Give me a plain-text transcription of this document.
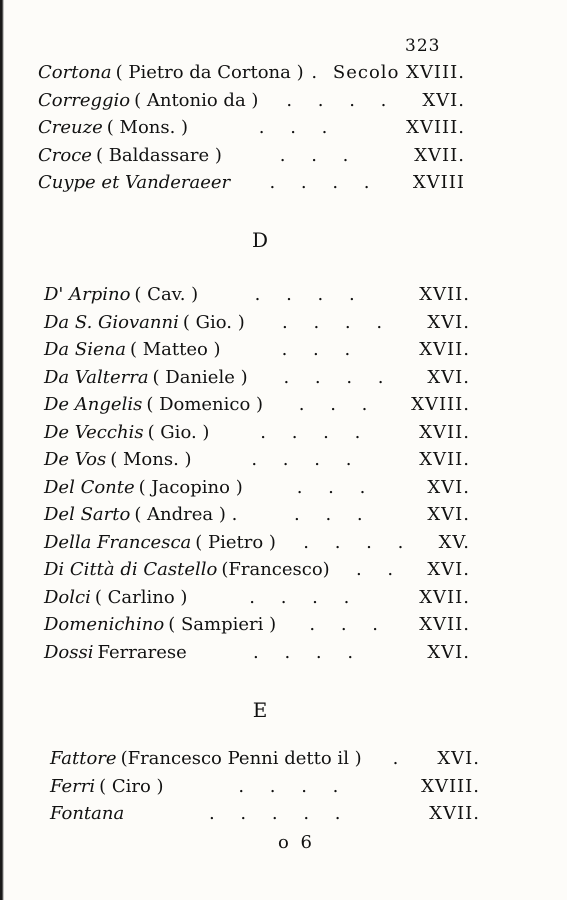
323
Cortona ( Pietro da Cortona ) . Secolo XVIII.
Correggio ( Antonio da )	. . . .	XVI.
Creuze ( Mons. )	. . .	XVIII.
Croce ( Baldassare )	. . .	XVII.
Cuype et Vanderaeer	. . . .	XVIII
D
D' Arpino ( Cav. )	. . . .	XVII.
Da S. Giovanni ( Gio. )	. . . .	XVI.
Da Siena ( Matteo )	. . .	XVII.
Da Valterra ( Daniele )	. . . .	XVI.
De Angelis ( Domenico )	. . .	XVIII.
De Vecchis ( Gio. )	. . . .	XVII.
De Vos ( Mons. )	. . . .	XVII.
Del Conte ( Jacopino )	. . .	XVI.
Del Sarto ( Andrea ) .	. . .	XVI.
Della Francesca ( Pietro )	. . . .	XV.
Di Città di Castello (Francesco)	. .	XVI.
Dolci ( Carlino )	. . . .	XVII.
Domenichino ( Sampieri )	. . .	XVII.
Dossi Ferrarese	. . . .	XVI.
E
Fattore (Francesco Penni detto il )	.	XVI.
Ferri ( Ciro )	. . . .	XVIII.
Fontana	. . . . .	XVII.
o 6
